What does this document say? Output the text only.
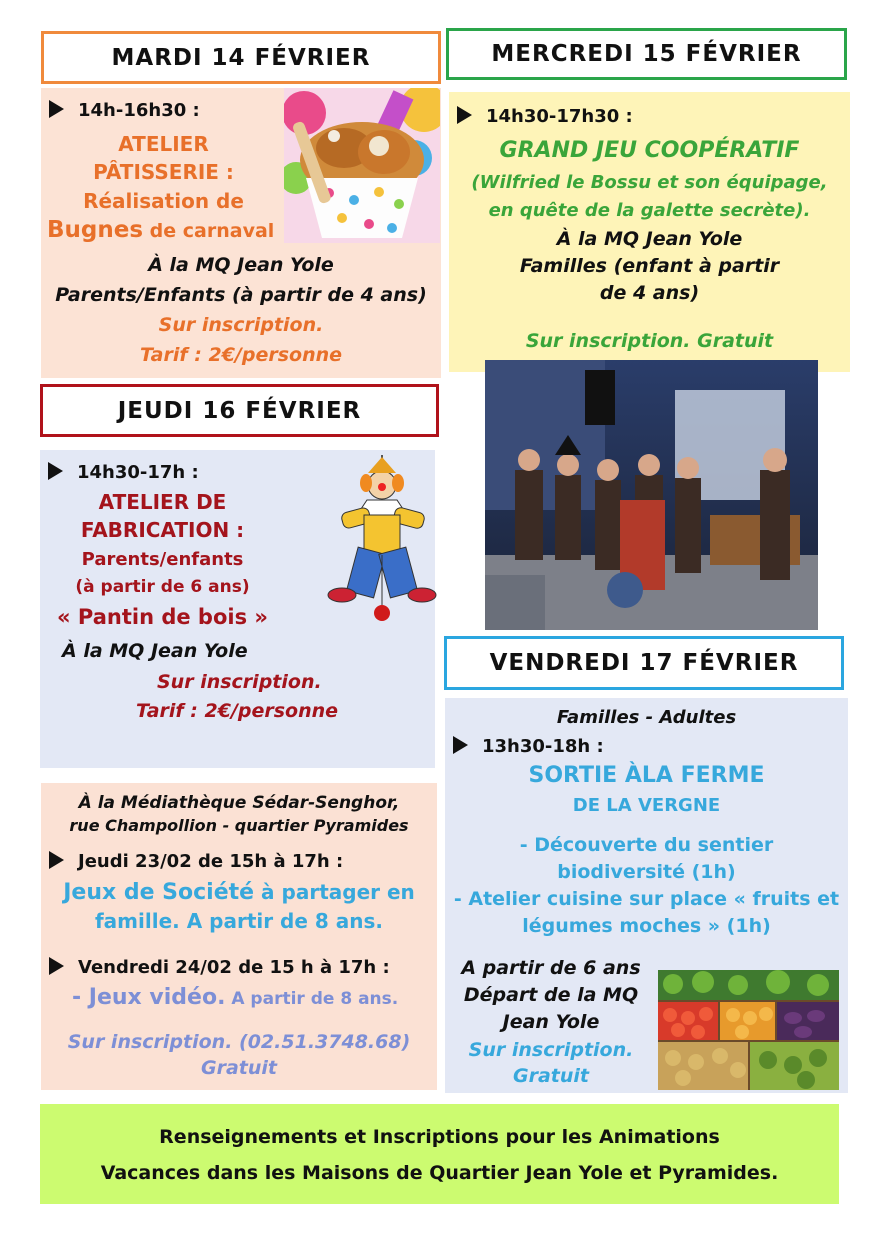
MARDI 14 FÉVRIER
14h-16h30 :
ATELIER
PÂTISSERIE :
Réalisation de
Bugnes de carnaval
À la MQ Jean Yole
Parents/Enfants (à partir de 4 ans)
Sur inscription.
Tarif : 2€/personne
MERCREDI 15 FÉVRIER
14h30-17h30 :
GRAND JEU COOPÉRATIF
(Wilfried le Bossu et son équipage,
en quête de la galette secrète).
À la MQ Jean Yole
Familles (enfant à partir
de 4 ans)
Sur inscription. Gratuit
JEUDI 16 FÉVRIER
14h30-17h :
ATELIER DE
FABRICATION :
Parents/enfants
(à partir de 6 ans)
« Pantin de bois »
À la MQ Jean Yole
Sur inscription.
Tarif : 2€/personne
À la Médiathèque Sédar-Senghor,
rue Champollion - quartier Pyramides
Jeudi 23/02 de 15h à 17h :
Jeux de Société à partager en
famille. A partir de 8 ans.
Vendredi 24/02 de 15 h à 17h :
- Jeux vidéo. A partir de 8 ans.
Sur inscription. (02.51.3748.68)
Gratuit
VENDREDI 17 FÉVRIER
Familles - Adultes
13h30-18h :
SORTIE ÀLA FERME
DE LA VERGNE
- Découverte du sentier
biodiversité (1h)
- Atelier cuisine sur place « fruits et
légumes moches » (1h)
A partir de 6 ans
Départ de la MQ
Jean Yole
Sur inscription.
Gratuit
Renseignements et Inscriptions pour les Animations
Vacances dans les Maisons de Quartier Jean Yole et Pyramides.
